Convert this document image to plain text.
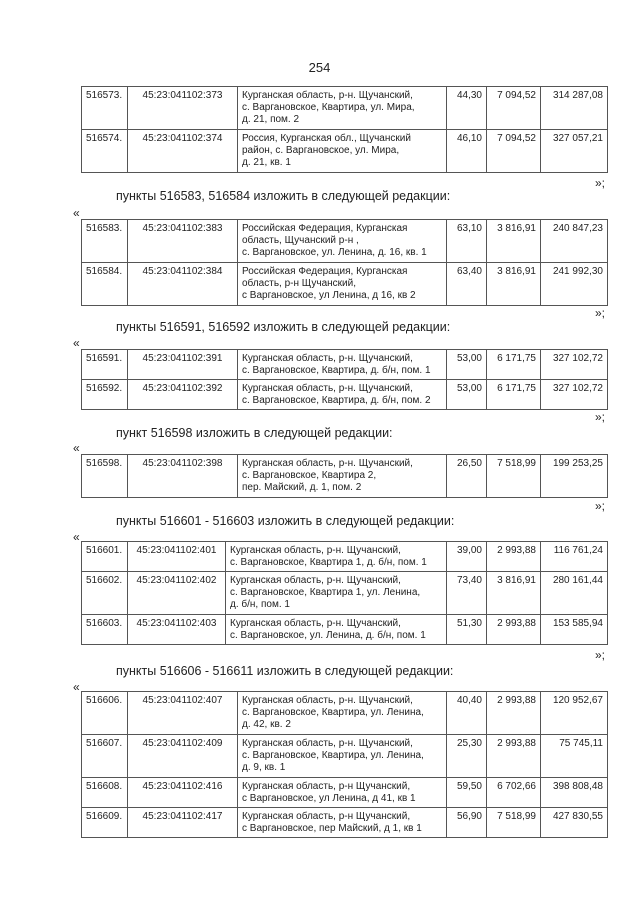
254
516573.	45:23:041102:373	Курганская область, р-н. Щучанский,
с. Варгановское, Квартира, ул. Мира,
д. 21, пом. 2	44,30	7 094,52	314 287,08
516574.	45:23:041102:374	Россия, Курганская обл., Щучанский
район, с. Варгановское, ул. Мира,
д. 21, кв. 1	46,10	7 094,52	327 057,21
»;
пункты 516583, 516584 изложить в следующей редакции:
«
516583.	45:23:041102:383	Российская Федерация, Курганская
область, Щучанский р-н ,
с. Варгановское, ул. Ленина, д. 16, кв. 1	63,10	3 816,91	240 847,23
516584.	45:23:041102:384	Российская Федерация, Курганская
область, р-н Щучанский,
с Варгановское, ул Ленина, д 16, кв 2	63,40	3 816,91	241 992,30
»;
пункты 516591, 516592 изложить в следующей редакции:
«
516591.	45:23:041102:391	Курганская область, р-н. Щучанский,
с. Варгановское, Квартира, д. б/н, пом. 1	53,00	6 171,75	327 102,72
516592.	45:23:041102:392	Курганская область, р-н. Щучанский,
с. Варгановское, Квартира, д. б/н, пом. 2	53,00	6 171,75	327 102,72
»;
пункт 516598 изложить в следующей редакции:
«
516598.	45:23:041102:398	Курганская область, р-н. Щучанский,
с. Варгановское, Квартира 2,
пер. Майский, д. 1, пом. 2
	26,50	7 518,99	199 253,25
»;
пункты 516601 - 516603 изложить в следующей редакции:
«
516601.	45:23:041102:401	Курганская область, р-н. Щучанский,
с. Варгановское, Квартира 1, д. б/н, пом. 1	39,00	2 993,88	116 761,24
516602.	45:23:041102:402	Курганская область, р-н. Щучанский,
с. Варгановское, Квартира 1, ул. Ленина,
д. б/н, пом. 1	73,40	3 816,91	280 161,44
516603.	45:23:041102:403	Курганская область, р-н. Щучанский,
с. Варгановское, ул. Ленина, д. б/н, пом. 1	51,30	2 993,88	153 585,94
»;
пункты 516606 - 516611 изложить в следующей редакции:
«
516606.	45:23:041102:407	Курганская область, р-н. Щучанский,
с. Варгановское, Квартира, ул. Ленина,
д. 42, кв. 2	40,40	2 993,88	120 952,67
516607.	45:23:041102:409	Курганская область, р-н. Щучанский,
с. Варгановское, Квартира, ул. Ленина,
д. 9, кв. 1	25,30	2 993,88	75 745,11
516608.	45:23:041102:416	Курганская область, р-н Щучанский,
с Варгановское, ул Ленина, д 41, кв 1	59,50	6 702,66	398 808,48
516609.	45:23:041102:417	Курганская область, р-н Щучанский,
с Варгановское, пер Майский, д 1, кв 1	56,90	7 518,99	427 830,55
